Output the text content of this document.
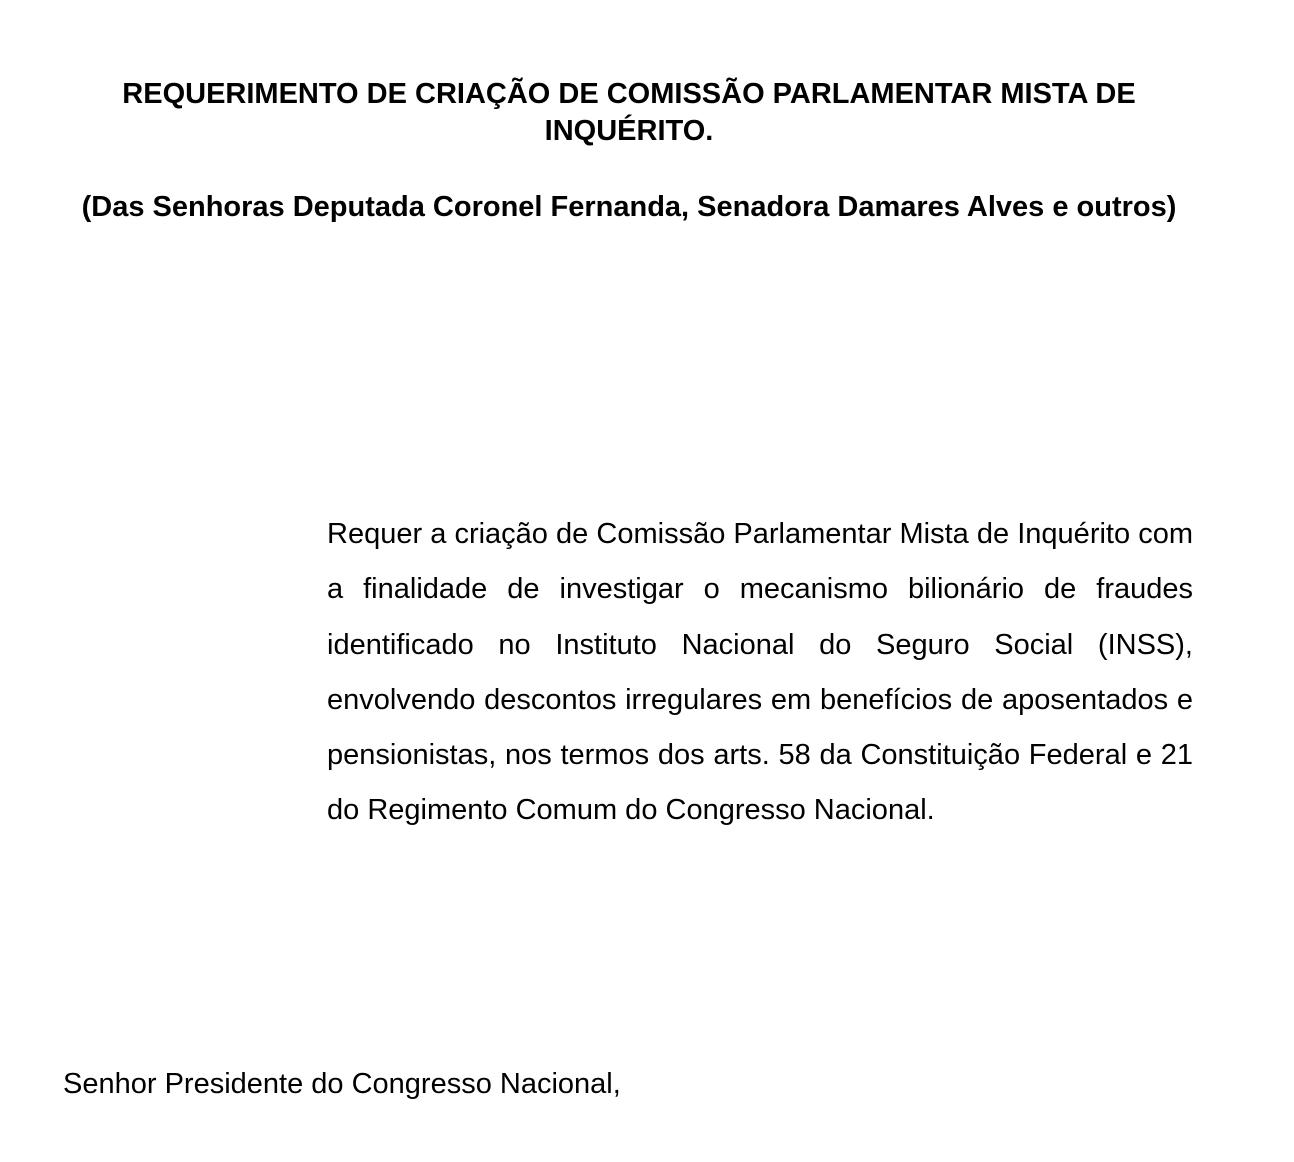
REQUERIMENTO DE CRIAÇÃO DE COMISSÃO PARLAMENTAR MISTA DE INQUÉRITO.

(Das Senhoras Deputada Coronel Fernanda, Senadora Damares Alves e outros)

Requer a criação de Comissão Parlamentar Mista de Inquérito com a finalidade de investigar o mecanismo bilionário de fraudes identificado no Instituto Nacional do Seguro Social (INSS), envolvendo descontos irregulares em benefícios de aposentados e pensionistas, nos termos dos arts. 58 da Constituição Federal e 21 do Regimento Comum do Congresso Nacional.

Senhor Presidente do Congresso Nacional,
